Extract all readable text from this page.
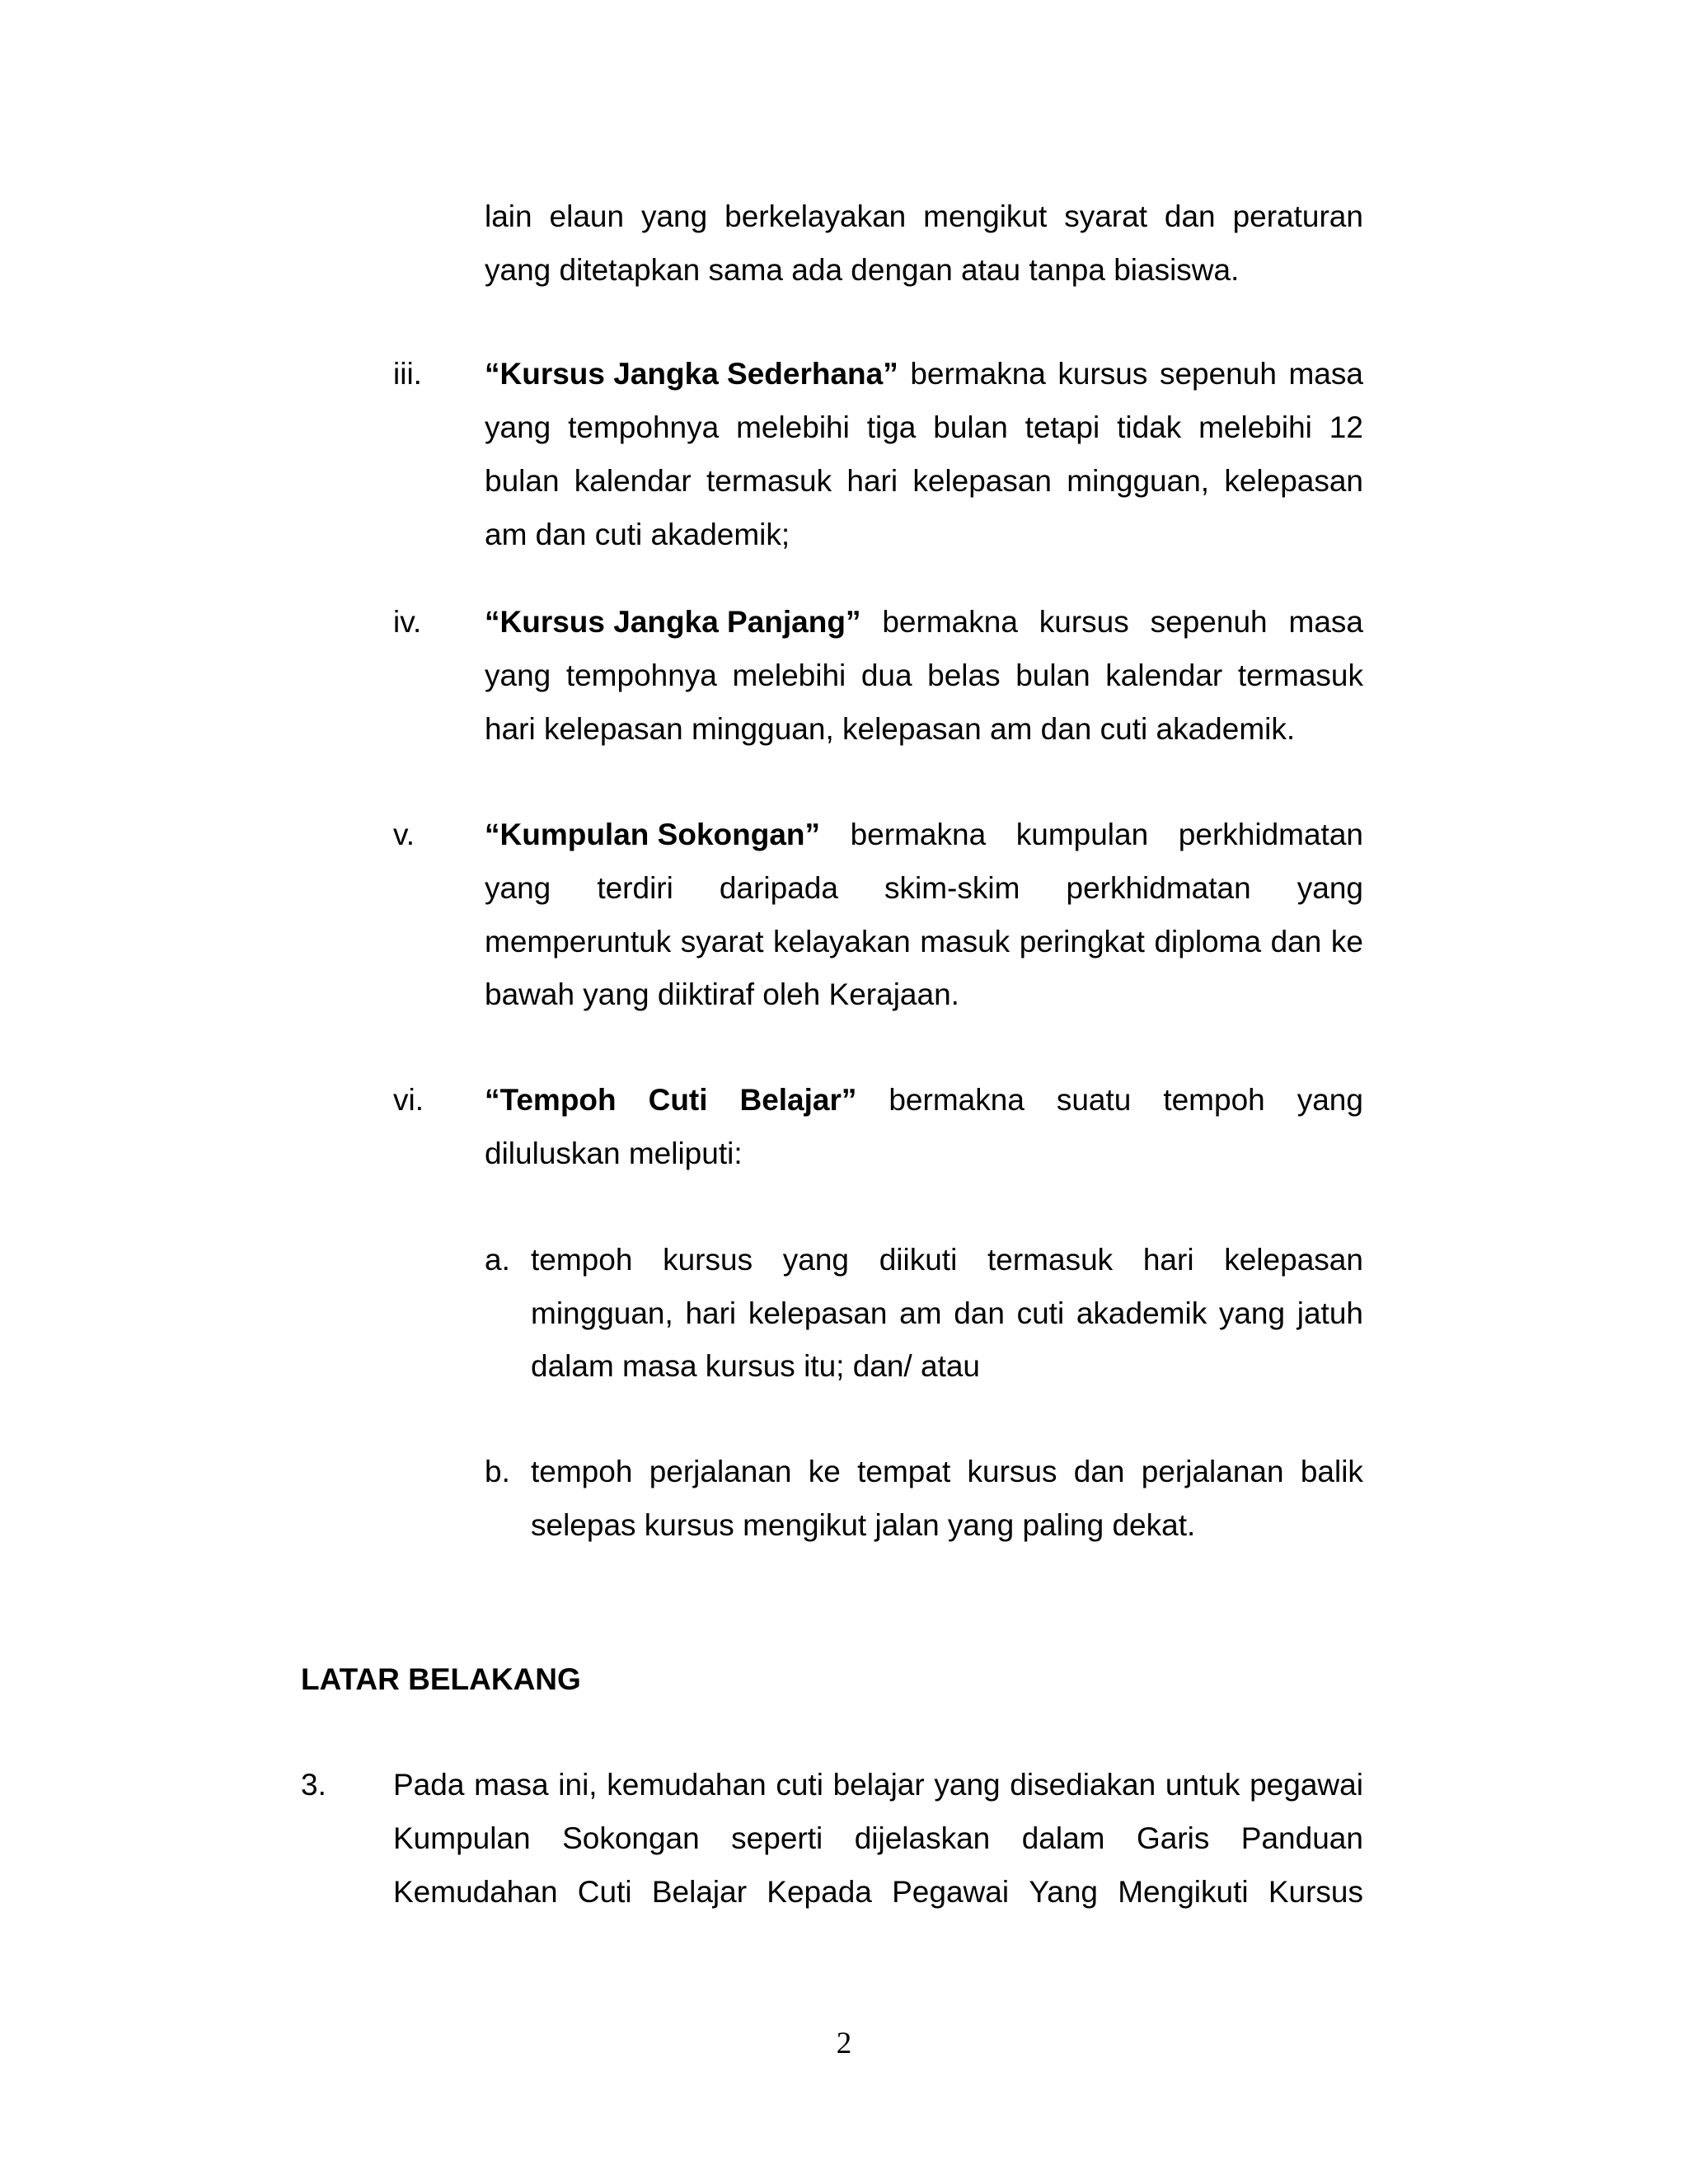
lain elaun yang berkelayakan mengikut syarat dan peraturan
yang ditetapkan sama ada dengan atau tanpa biasiswa.
iii. “Kursus Jangka Sederhana” bermakna kursus sepenuh masa
yang tempohnya melebihi tiga bulan tetapi tidak melebihi 12
bulan kalendar termasuk hari kelepasan mingguan, kelepasan
am dan cuti akademik;
iv. “Kursus Jangka Panjang” bermakna kursus sepenuh masa
yang tempohnya melebihi dua belas bulan kalendar termasuk
hari kelepasan mingguan, kelepasan am dan cuti akademik.
v. “Kumpulan Sokongan” bermakna kumpulan perkhidmatan
yang terdiri daripada skim-skim perkhidmatan yang
memperuntuk syarat kelayakan masuk peringkat diploma dan ke
bawah yang diiktiraf oleh Kerajaan.
vi. “Tempoh Cuti Belajar” bermakna suatu tempoh yang
diluluskan meliputi:
a. tempoh kursus yang diikuti termasuk hari kelepasan
mingguan, hari kelepasan am dan cuti akademik yang jatuh
dalam masa kursus itu; dan/ atau
b. tempoh perjalanan ke tempat kursus dan perjalanan balik
selepas kursus mengikut jalan yang paling dekat.
LATAR BELAKANG
3. Pada masa ini, kemudahan cuti belajar yang disediakan untuk pegawai
Kumpulan Sokongan seperti dijelaskan dalam Garis Panduan
Kemudahan Cuti Belajar Kepada Pegawai Yang Mengikuti Kursus
2
